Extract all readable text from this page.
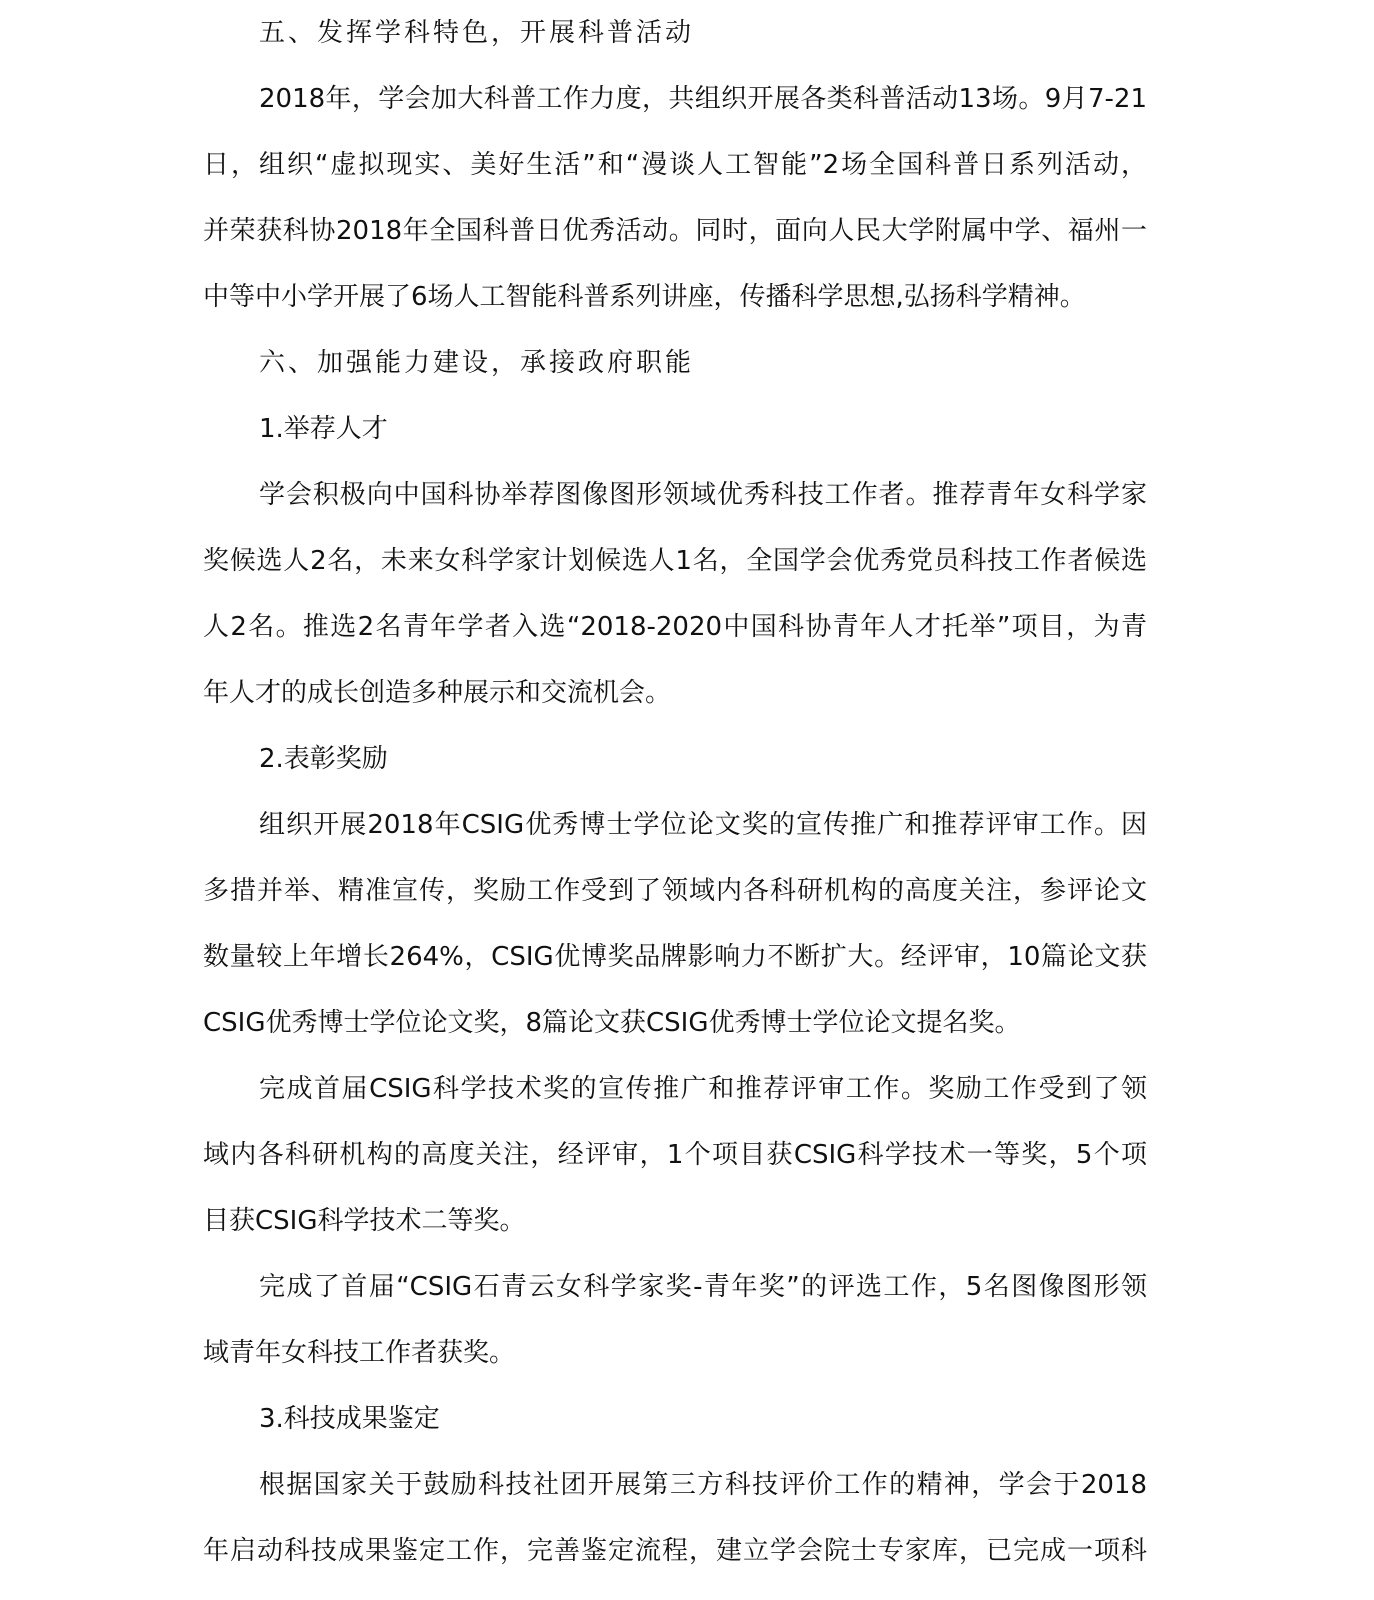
五、发挥学科特色，开展科普活动

2018年，学会加大科普工作力度，共组织开展各类科普活动13场。9月7-21
日，组织“虚拟现实、美好生活”和“漫谈人工智能”2场全国科普日系列活动，
并荣获科协2018年全国科普日优秀活动。同时，面向人民大学附属中学、福州一
中等中小学开展了6场人工智能科普系列讲座，传播科学思想,弘扬科学精神。

六、加强能力建设，承接政府职能

1.举荐人才

学会积极向中国科协举荐图像图形领域优秀科技工作者。推荐青年女科学家
奖候选人2名，未来女科学家计划候选人1名，全国学会优秀党员科技工作者候选
人2名。推选2名青年学者入选“2018-2020中国科协青年人才托举”项目，为青
年人才的成长创造多种展示和交流机会。

2.表彰奖励

组织开展2018年CSIG优秀博士学位论文奖的宣传推广和推荐评审工作。因
多措并举、精准宣传，奖励工作受到了领域内各科研机构的高度关注，参评论文
数量较上年增长264%，CSIG优博奖品牌影响力不断扩大。经评审，10篇论文获
CSIG优秀博士学位论文奖，8篇论文获CSIG优秀博士学位论文提名奖。
完成首届CSIG科学技术奖的宣传推广和推荐评审工作。奖励工作受到了领
域内各科研机构的高度关注，经评审，1个项目获CSIG科学技术一等奖，5个项
目获CSIG科学技术二等奖。
完成了首届“CSIG石青云女科学家奖-青年奖”的评选工作，5名图像图形领
域青年女科技工作者获奖。

3.科技成果鉴定

根据国家关于鼓励科技社团开展第三方科技评价工作的精神，学会于2018
年启动科技成果鉴定工作，完善鉴定流程，建立学会院士专家库，已完成一项科
